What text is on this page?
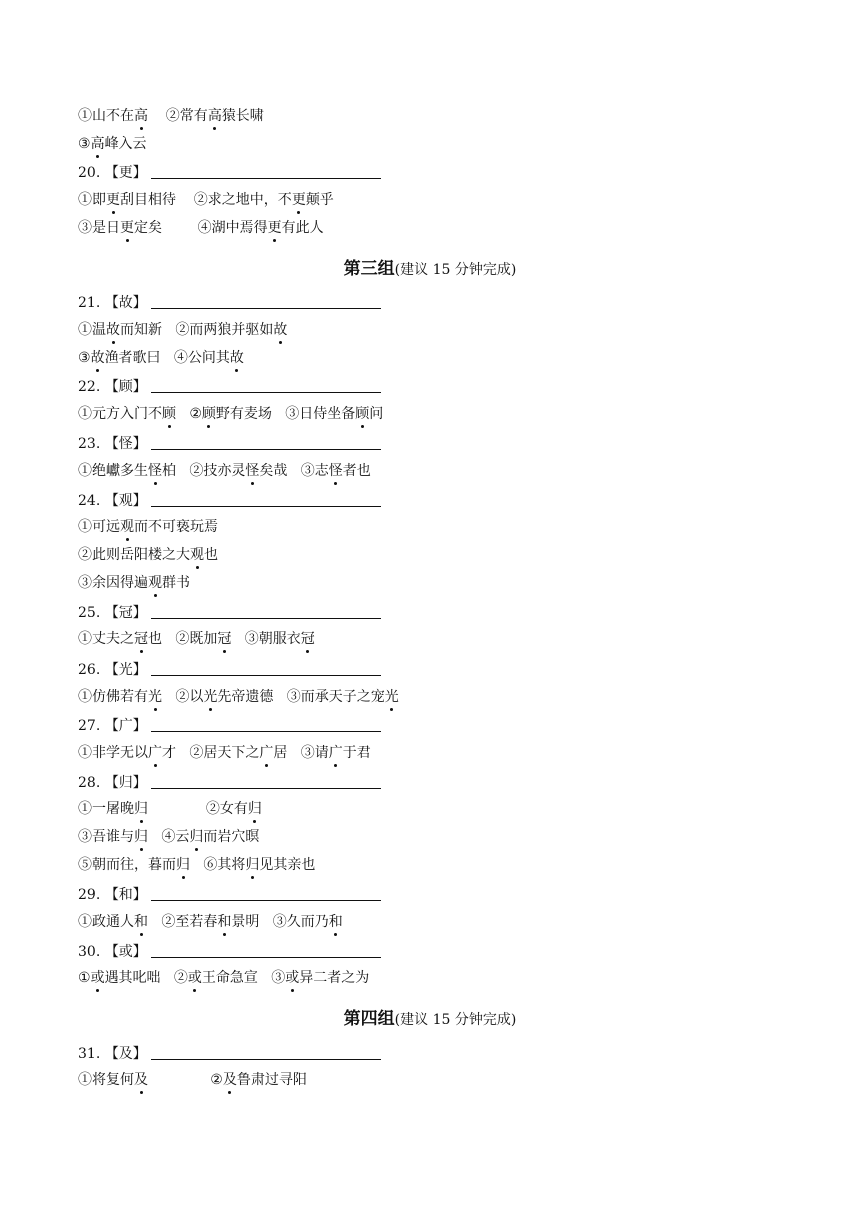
①山不在高    ②常有高猿长啸
③高峰入云
20. 【更】
①即更刮目相待    ②求之地中，不更颠乎
③是日更定矣        ④湖中焉得更有此人
第三组(建议 15 分钟完成)
21. 【故】
①温故而知新   ②而两狼并驱如故
③故渔者歌曰   ④公问其故
22. 【顾】
①元方入门不顾   ②顾野有麦场   ③日侍坐备顾问
23. 【怪】
①绝巘多生怪柏   ②技亦灵怪矣哉   ③志怪者也
24. 【观】
①可远观而不可亵玩焉
②此则岳阳楼之大观也
③余因得遍观群书
25. 【冠】
①丈夫之冠也   ②既加冠   ③朝服衣冠
26. 【光】
①仿佛若有光   ②以光先帝遗德   ③而承天子之宠光
27. 【广】
①非学无以广才   ②居天下之广居   ③请广于君
28. 【归】
①一屠晚归             ②女有归
③吾谁与归   ④云归而岩穴暝
⑤朝而往，暮而归   ⑥其将归见其亲也
29. 【和】
①政通人和   ②至若春和景明   ③久而乃和
30. 【或】
①或遇其叱咄   ②或王命急宣   ③或异二者之为
第四组(建议 15 分钟完成)
31. 【及】
①将复何及              ②及鲁肃过寻阳
